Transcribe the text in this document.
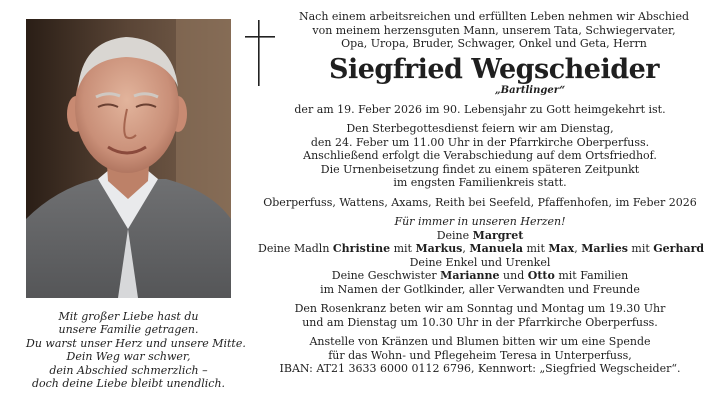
Mit großer Liebe hast du
unsere Familie getragen.
Du warst unser Herz und unsere Mitte.
Dein Weg war schwer,
dein Abschied schmerzlich –
doch deine Liebe bleibt unendlich.
Nach einem arbeitsreichen und erfüllten Leben nehmen wir Abschied
von meinem herzensguten Mann, unserem Tata, Schwiegervater,
Opa, Uropa, Bruder, Schwager, Onkel und Geta, Herrn
Siegfried Wegscheider
„Bartlinger“
der am 19. Feber 2026 im 90. Lebensjahr zu Gott heimgekehrt ist.
Den Sterbegottesdienst feiern wir am Dienstag,
den 24. Feber um 11.00 Uhr in der Pfarrkirche Oberperfuss.
Anschließend erfolgt die Verabschiedung auf dem Ortsfriedhof.
Die Urnenbeisetzung findet zu einem späteren Zeitpunkt
im engsten Familienkreis statt.
Oberperfuss, Wattens, Axams, Reith bei Seefeld, Pfaffenhofen, im Feber 2026
Für immer in unseren Herzen!
Deine Margret
Deine Madln Christine mit Markus, Manuela mit Max, Marlies mit Gerhard
Deine Enkel und Urenkel
Deine Geschwister Marianne und Otto mit Familien
im Namen der Gotlkinder, aller Verwandten und Freunde
Den Rosenkranz beten wir am Sonntag und Montag um 19.30 Uhr
und am Dienstag um 10.30 Uhr in der Pfarrkirche Oberperfuss.
Anstelle von Kränzen und Blumen bitten wir um eine Spende
für das Wohn- und Pflegeheim Teresa in Unterperfuss,
IBAN: AT21 3633 6000 0112 6796, Kennwort: „Siegfried Wegscheider“.
